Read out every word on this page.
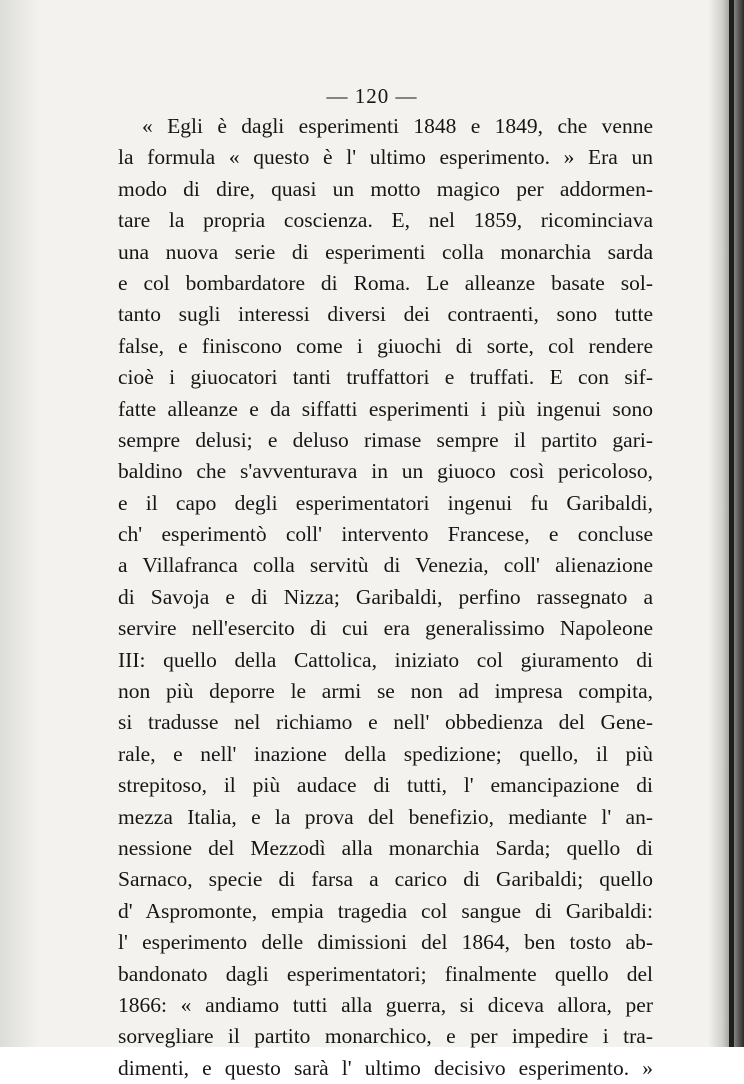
— 120 —
« Egli è dagli esperimenti 1848 e 1849, che venne
la formula « questo è l' ultimo esperimento. » Era un
modo di dire, quasi un motto magico per addormen-
tare la propria coscienza. E, nel 1859, ricominciava
una nuova serie di esperimenti colla monarchia sarda
e col bombardatore di Roma. Le alleanze basate sol-
tanto sugli interessi diversi dei contraenti, sono tutte
false, e finiscono come i giuochi di sorte, col rendere
cioè i giuocatori tanti truffattori e truffati. E con sif-
fatte alleanze e da siffatti esperimenti i più ingenui sono
sempre delusi; e deluso rimase sempre il partito gari-
baldino che s'avventurava in un giuoco così pericoloso,
e il capo degli esperimentatori ingenui fu Garibaldi,
ch' esperimentò coll' intervento Francese, e concluse
a Villafranca colla servitù di Venezia, coll' alienazione
di Savoja e di Nizza; Garibaldi, perfino rassegnato a
servire nell'esercito di cui era generalissimo Napoleone
III: quello della Cattolica, iniziato col giuramento di
non più deporre le armi se non ad impresa compita,
si tradusse nel richiamo e nell' obbedienza del Gene-
rale, e nell' inazione della spedizione; quello, il più
strepitoso, il più audace di tutti, l' emancipazione di
mezza Italia, e la prova del benefizio, mediante l' an-
nessione del Mezzodì alla monarchia Sarda; quello di
Sarnaco, specie di farsa a carico di Garibaldi; quello
d' Aspromonte, empia tragedia col sangue di Garibaldi:
l' esperimento delle dimissioni del 1864, ben tosto ab-
bandonato dagli esperimentatori; finalmente quello del
1866: « andiamo tutti alla guerra, si diceva allora, per
sorvegliare il partito monarchico, e per impedire i tra-
dimenti, e questo sarà l' ultimo decisivo esperimento. »
